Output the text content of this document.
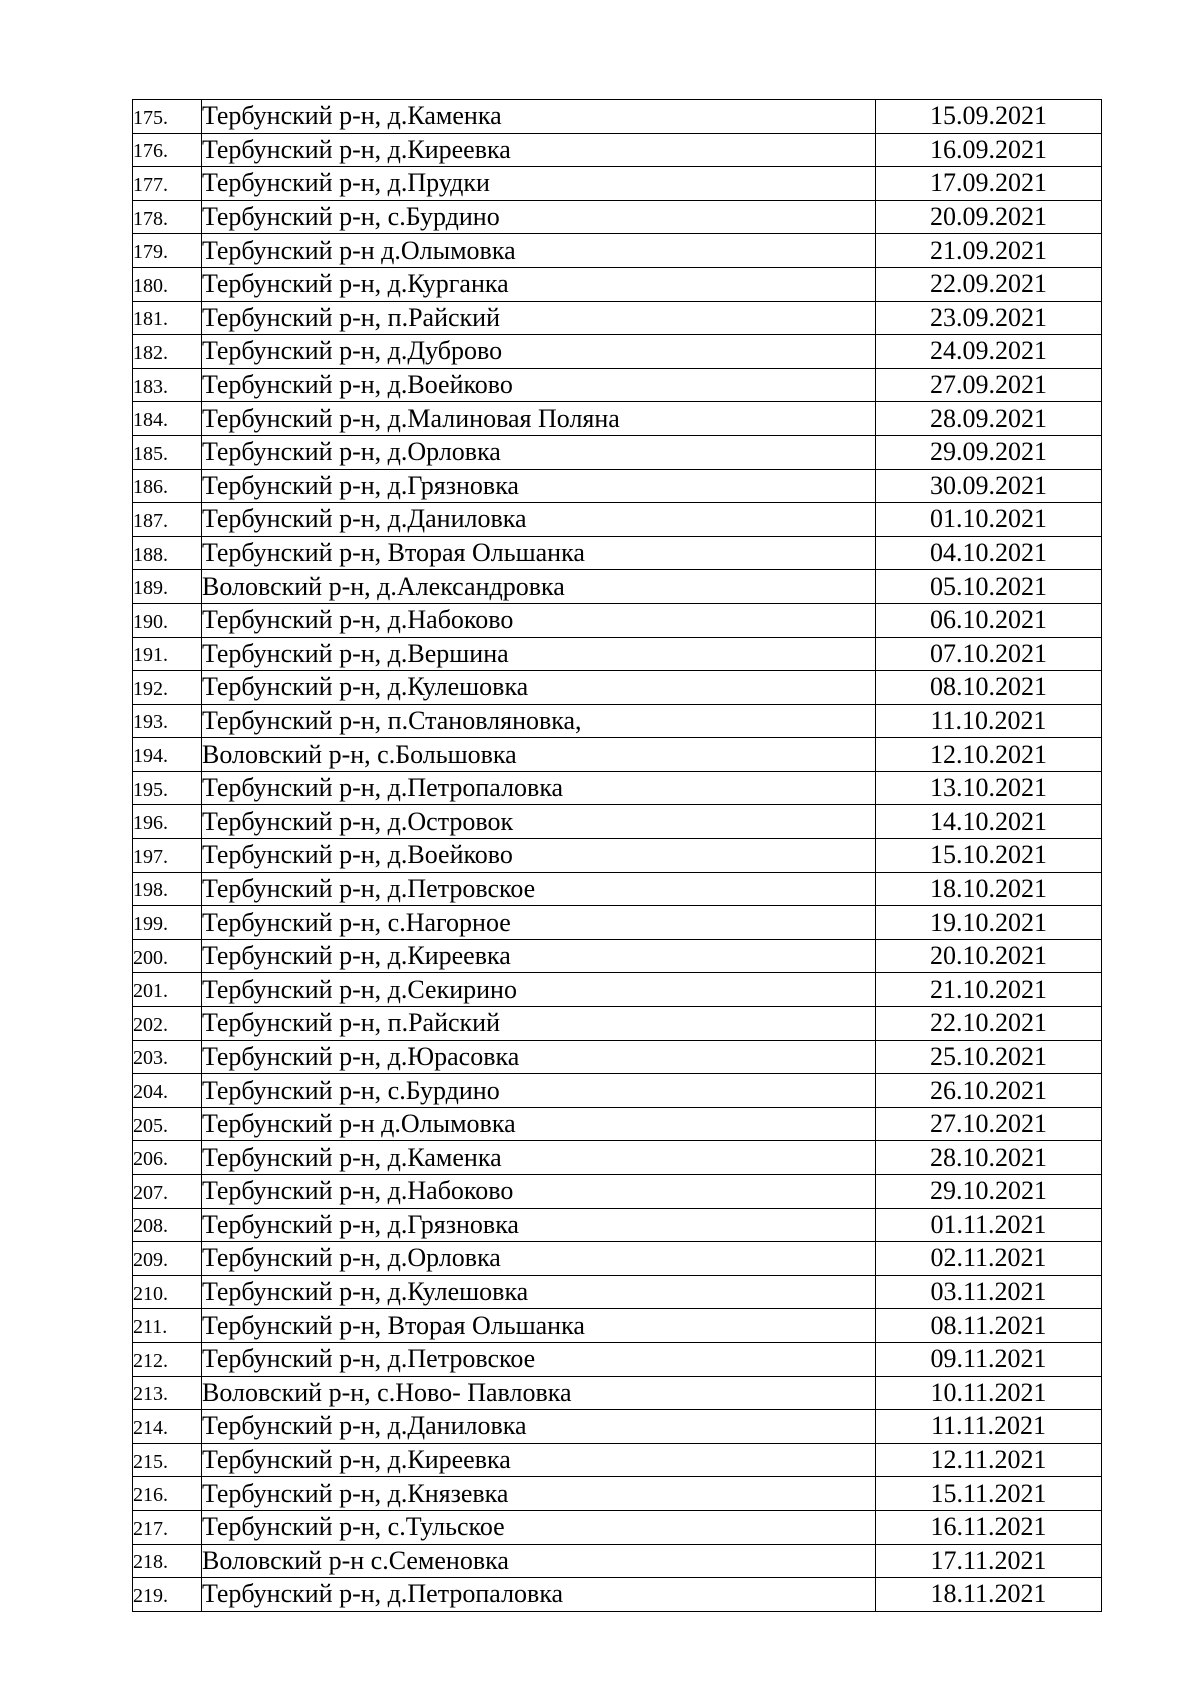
175.	Тербунский р-н, д.Каменка	15.09.2021

176.	Тербунский р-н, д.Киреевка	16.09.2021

177.	Тербунский р-н, д.Прудки	17.09.2021

178.	Тербунский р-н, с.Бурдино	20.09.2021

179.	Тербунский р-н д.Олымовка	21.09.2021

180.	Тербунский р-н, д.Курганка	22.09.2021

181.	Тербунский р-н, п.Райский	23.09.2021

182.	Тербунский р-н, д.Дуброво	24.09.2021

183.	Тербунский р-н, д.Воейково	27.09.2021

184.	Тербунский р-н, д.Малиновая Поляна	28.09.2021

185.	Тербунский р-н, д.Орловка	29.09.2021

186.	Тербунский р-н, д.Грязновка	30.09.2021

187.	Тербунский р-н, д.Даниловка	01.10.2021

188.	Тербунский р-н, Вторая Ольшанка	04.10.2021

189.	Воловский р-н, д.Александровка	05.10.2021

190.	Тербунский р-н, д.Набоково	06.10.2021

191.	Тербунский р-н, д.Вершина	07.10.2021

192.	Тербунский р-н, д.Кулешовка	08.10.2021

193.	Тербунский р-н, п.Становляновка,	11.10.2021

194.	Воловский р-н, с.Большовка	12.10.2021

195.	Тербунский р-н, д.Петропаловка	13.10.2021

196.	Тербунский р-н, д.Островок	14.10.2021

197.	Тербунский р-н, д.Воейково	15.10.2021

198.	Тербунский р-н, д.Петровское	18.10.2021

199.	Тербунский р-н, с.Нагорное	19.10.2021

200.	Тербунский р-н, д.Киреевка	20.10.2021

201.	Тербунский р-н, д.Секирино	21.10.2021

202.	Тербунский р-н, п.Райский	22.10.2021

203.	Тербунский р-н, д.Юрасовка	25.10.2021

204.	Тербунский р-н, с.Бурдино	26.10.2021

205.	Тербунский р-н д.Олымовка	27.10.2021

206.	Тербунский р-н, д.Каменка	28.10.2021

207.	Тербунский р-н, д.Набоково	29.10.2021

208.	Тербунский р-н, д.Грязновка	01.11.2021

209.	Тербунский р-н, д.Орловка	02.11.2021

210.	Тербунский р-н, д.Кулешовка	03.11.2021

211.	Тербунский р-н, Вторая Ольшанка	08.11.2021

212.	Тербунский р-н, д.Петровское	09.11.2021

213.	Воловский р-н, с.Ново- Павловка	10.11.2021

214.	Тербунский р-н, д.Даниловка	11.11.2021

215.	Тербунский р-н, д.Киреевка	12.11.2021

216.	Тербунский р-н, д.Князевка	15.11.2021

217.	Тербунский р-н, с.Тульское	16.11.2021

218.	Воловский р-н с.Семеновка	17.11.2021

219.	Тербунский р-н, д.Петропаловка	18.11.2021
